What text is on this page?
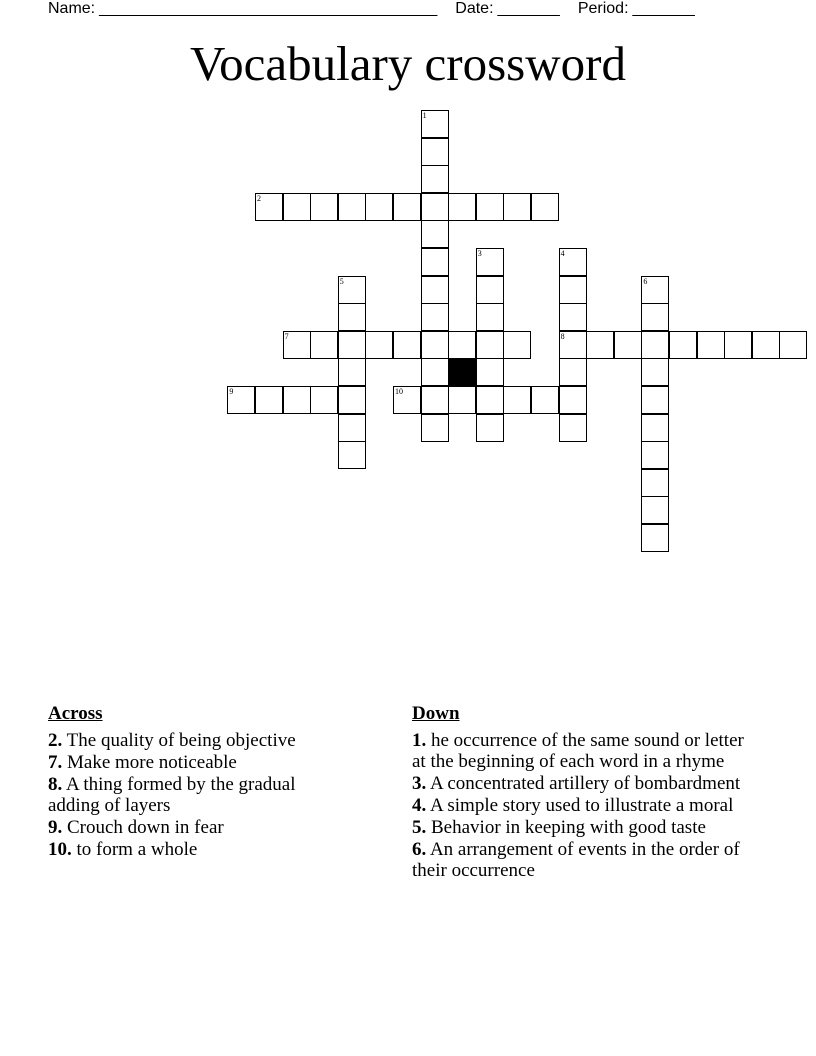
Name: ______________________________________ Date: _______ Period: _______
Vocabulary crossword
2
7	8
9	10
1
3	4
5	6
Across
2. The quality of being objective
7. Make more noticeable
8. A thing formed by the gradual adding of layers
9. Crouch down in fear
10. to form a whole
Down
1. he occurrence of the same sound or letter at the beginning of each word in a rhyme
3. A concentrated artillery of bombardment
4. A simple story used to illustrate a moral
5. Behavior in keeping with good taste
6. An arrangement of events in the order of their occurrence
